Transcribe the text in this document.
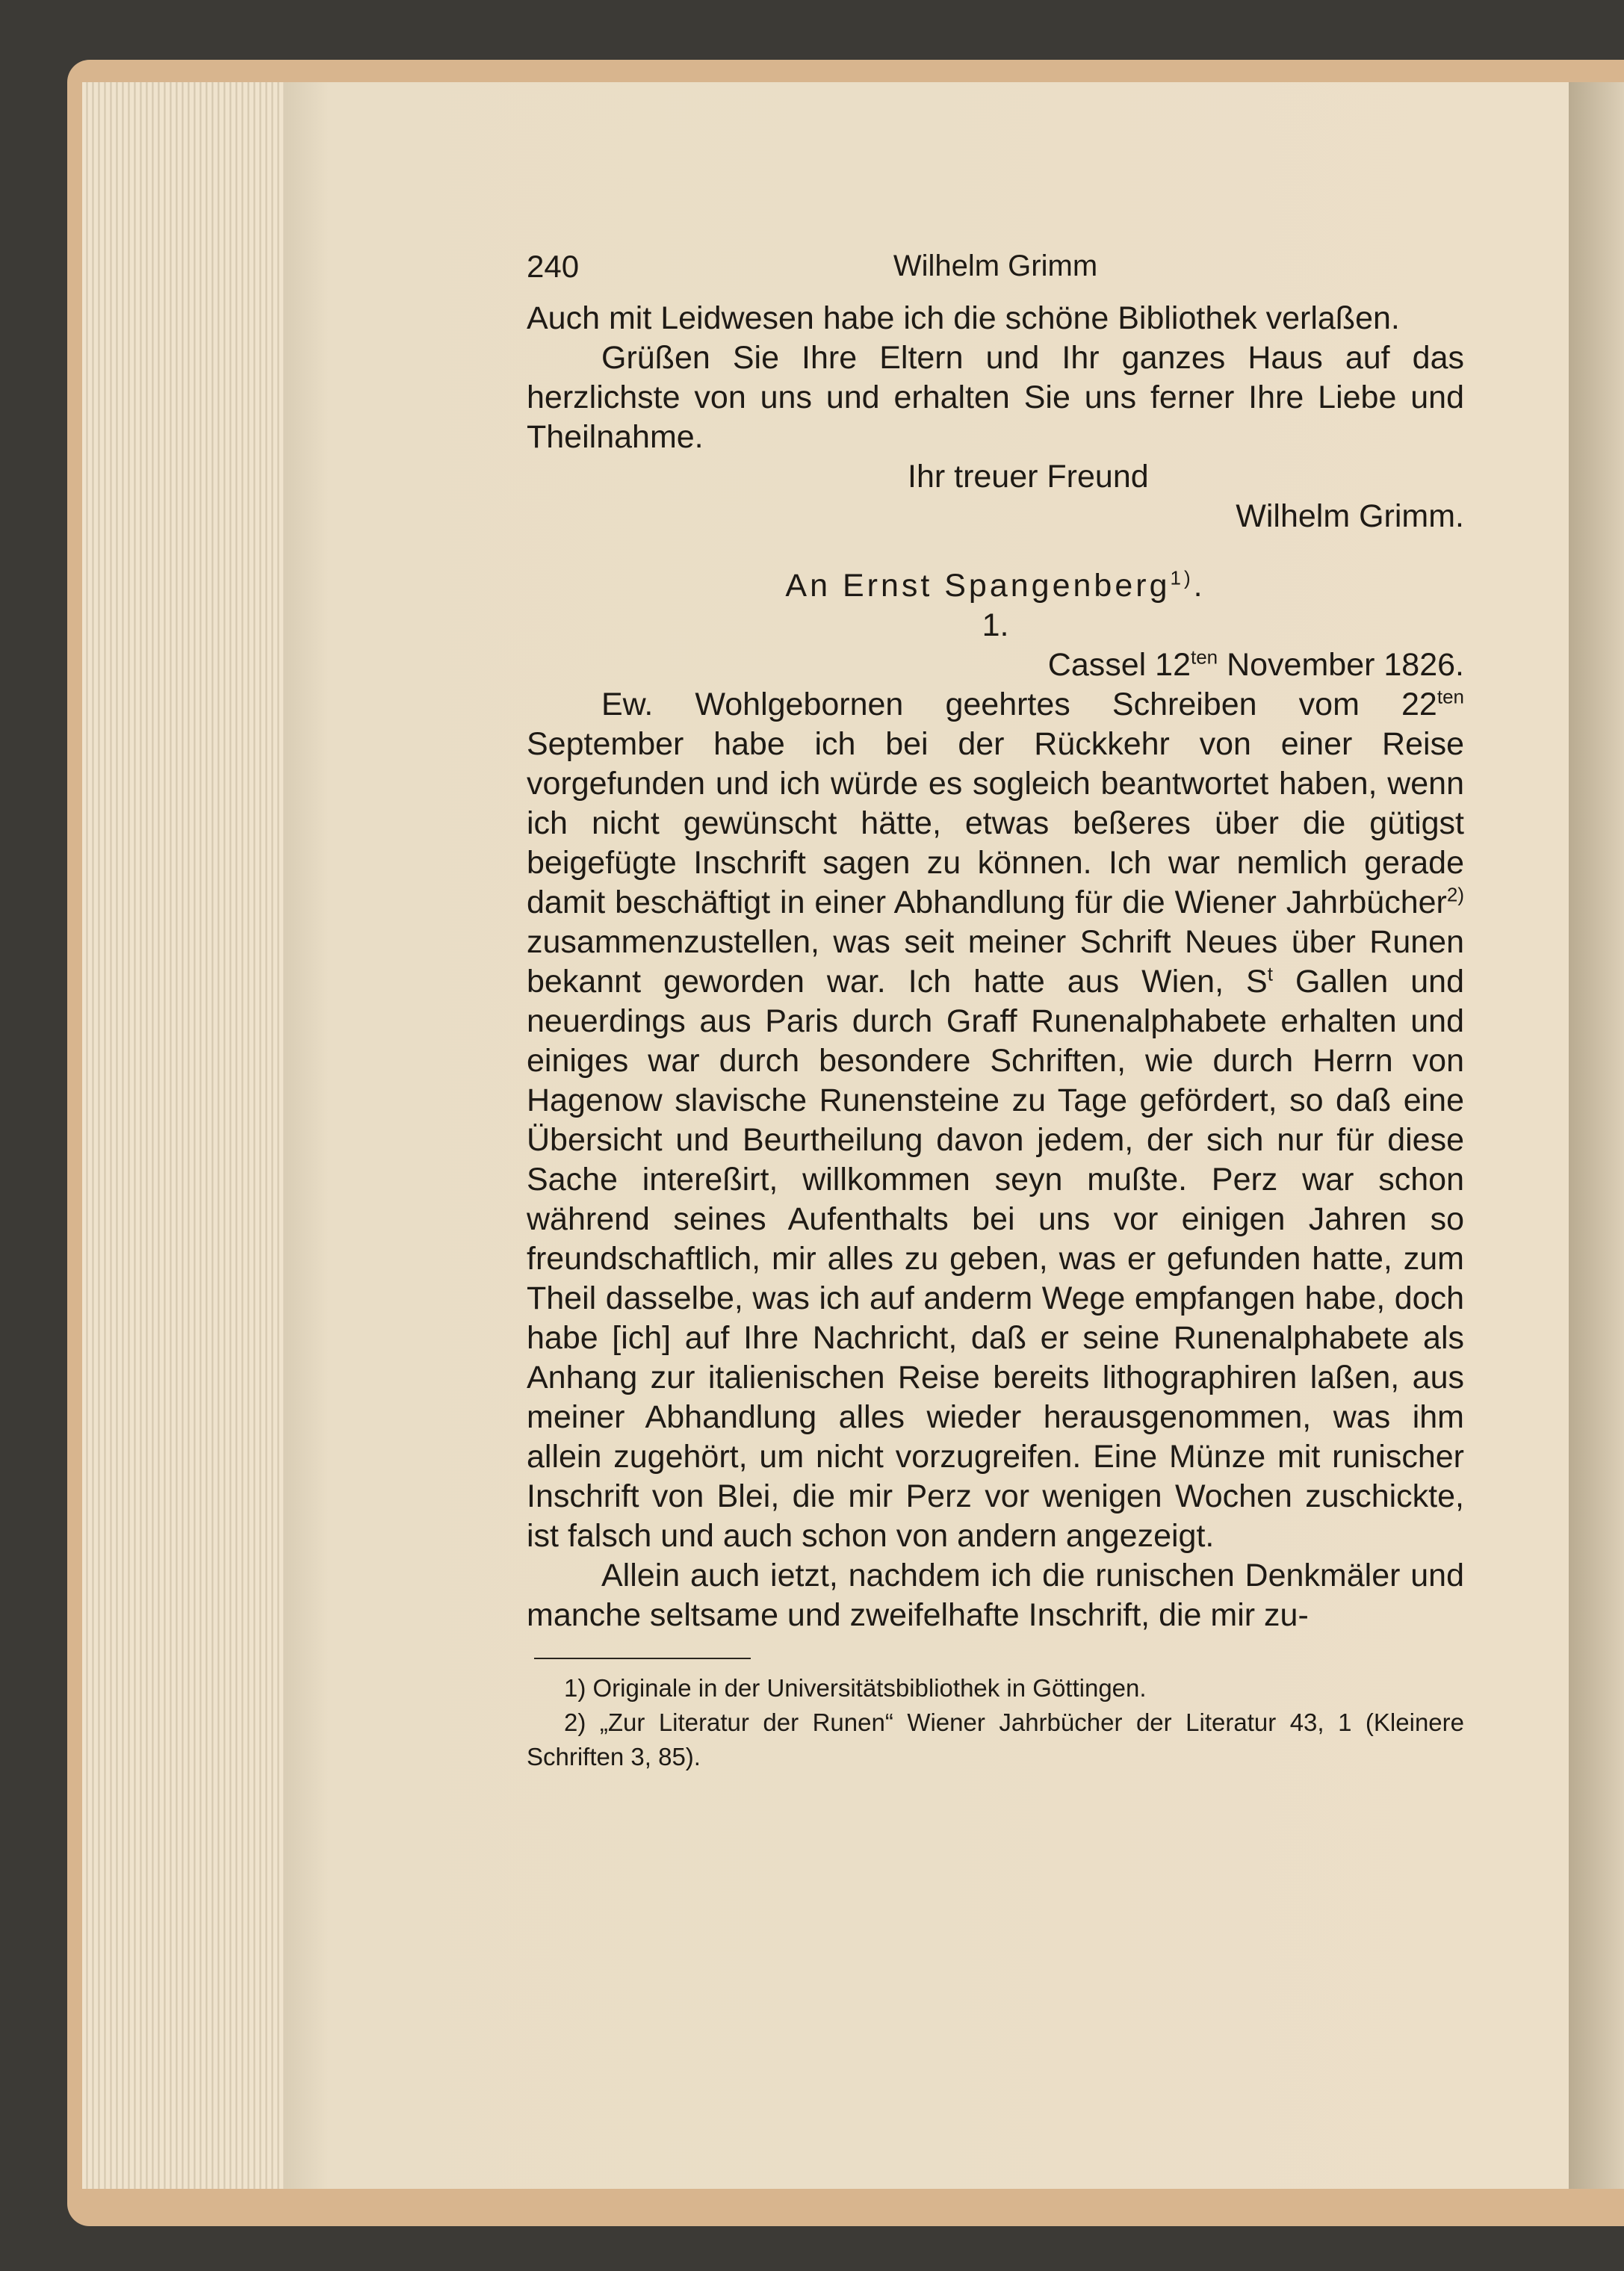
240	Wilhelm Grimm

Auch mit Leidwesen habe ich die schöne Bibliothek verlaßen.

Grüßen Sie Ihre Eltern und Ihr ganzes Haus auf das herzlichste von uns und erhalten Sie uns ferner Ihre Liebe und Theilnahme.

Ihr treuer Freund
Wilhelm Grimm.
An Ernst Spangenberg$^{1)}$.
1.
Cassel $12^{ten}$ November 1826.

Ew. Wohlgebornen geehrtes Schreiben vom $22^{ten}$ September habe ich bei der Rückkehr von einer Reise vorgefunden und ich würde es sogleich beantwortet haben, wenn ich nicht gewünscht hätte, etwas beßeres über die gütigst beigefügte Inschrift sagen zu können. Ich war nemlich gerade damit beschäftigt in einer Abhandlung für die Wiener Jahrbücher$^{2)}$ zusammenzustellen, was seit meiner Schrift Neues über Runen bekannt geworden war. Ich hatte aus Wien, $S^t$ Gallen und neuerdings aus Paris durch Graff Runenalphabete erhalten und einiges war durch besondere Schriften, wie durch Herrn von Hagenow slavische Runensteine zu Tage gefördert, so daß eine Übersicht und Beurtheilung davon jedem, der sich nur für diese Sache intereßirt, willkommen seyn mußte. Perz war schon während seines Aufenthalts bei uns vor einigen Jahren so freundschaftlich, mir alles zu geben, was er gefunden hatte, zum Theil dasselbe, was ich auf anderm Wege empfangen habe, doch habe [ich] auf Ihre Nachricht, daß er seine Runenalphabete als Anhang zur italienischen Reise bereits lithographiren laßen, aus meiner Abhandlung alles wieder herausgenommen, was ihm allein zugehört, um nicht vorzugreifen. Eine Münze mit runischer Inschrift von Blei, die mir Perz vor wenigen Wochen zuschickte, ist falsch und auch schon von andern angezeigt.

Allein auch ietzt, nachdem ich die runischen Denkmäler und manche seltsame und zweifelhafte Inschrift, die mir zu-

1) Originale in der Universitätsbibliothek in Göttingen.

2) „Zur Literatur der Runen“ Wiener Jahrbücher der Literatur 43, 1 (Kleinere Schriften 3, 85).
